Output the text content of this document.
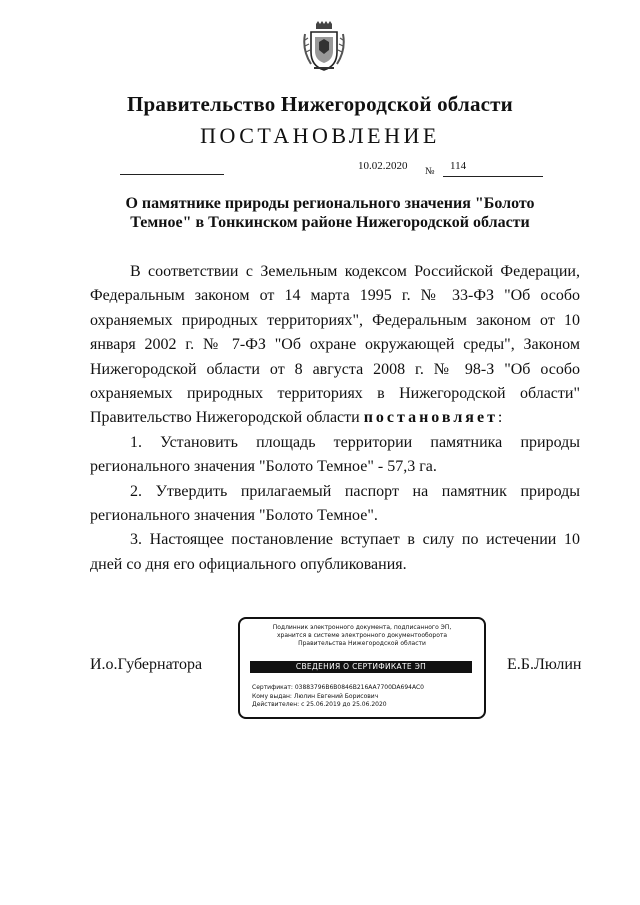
Правительство Нижегородской области
ПОСТАНОВЛЕНИЕ
10.02.2020 № 114
О памятнике природы регионального значения "Болото Темное" в Тонкинском районе Нижегородской области

В соответствии с Земельным кодексом Российской Федерации, Федеральным законом от 14 марта 1995 г. № 33-ФЗ "Об особо охраняемых природных территориях", Федеральным законом от 10 января 2002 г. № 7-ФЗ "Об охране окружающей среды", Законом Нижегородской области от 8 августа 2008 г. № 98-З "Об особо охраняемых природных территориях в Нижегородской области" Правительство Нижегородской области постановляет:

1. Установить площадь территории памятника природы регионального значения "Болото Темное" - 57,3 га.

2. Утвердить прилагаемый паспорт на памятник природы регионального значения "Болото Темное".

3. Настоящее постановление вступает в силу по истечении 10 дней со дня его официального опубликования.

И.о.Губернатора	Е.Б.Люлин
Подлинник электронного документа, подписанного ЭП,
хранится в системе электронного документооборота
Правительства Нижегородской области
СВЕДЕНИЯ О СЕРТИФИКАТЕ ЭП
Сертификат: 03883796B6B0846B216AA7700DA694AC0
Кому выдан: Люлин Евгений Борисович
Действителен: с 25.06.2019 до 25.06.2020
